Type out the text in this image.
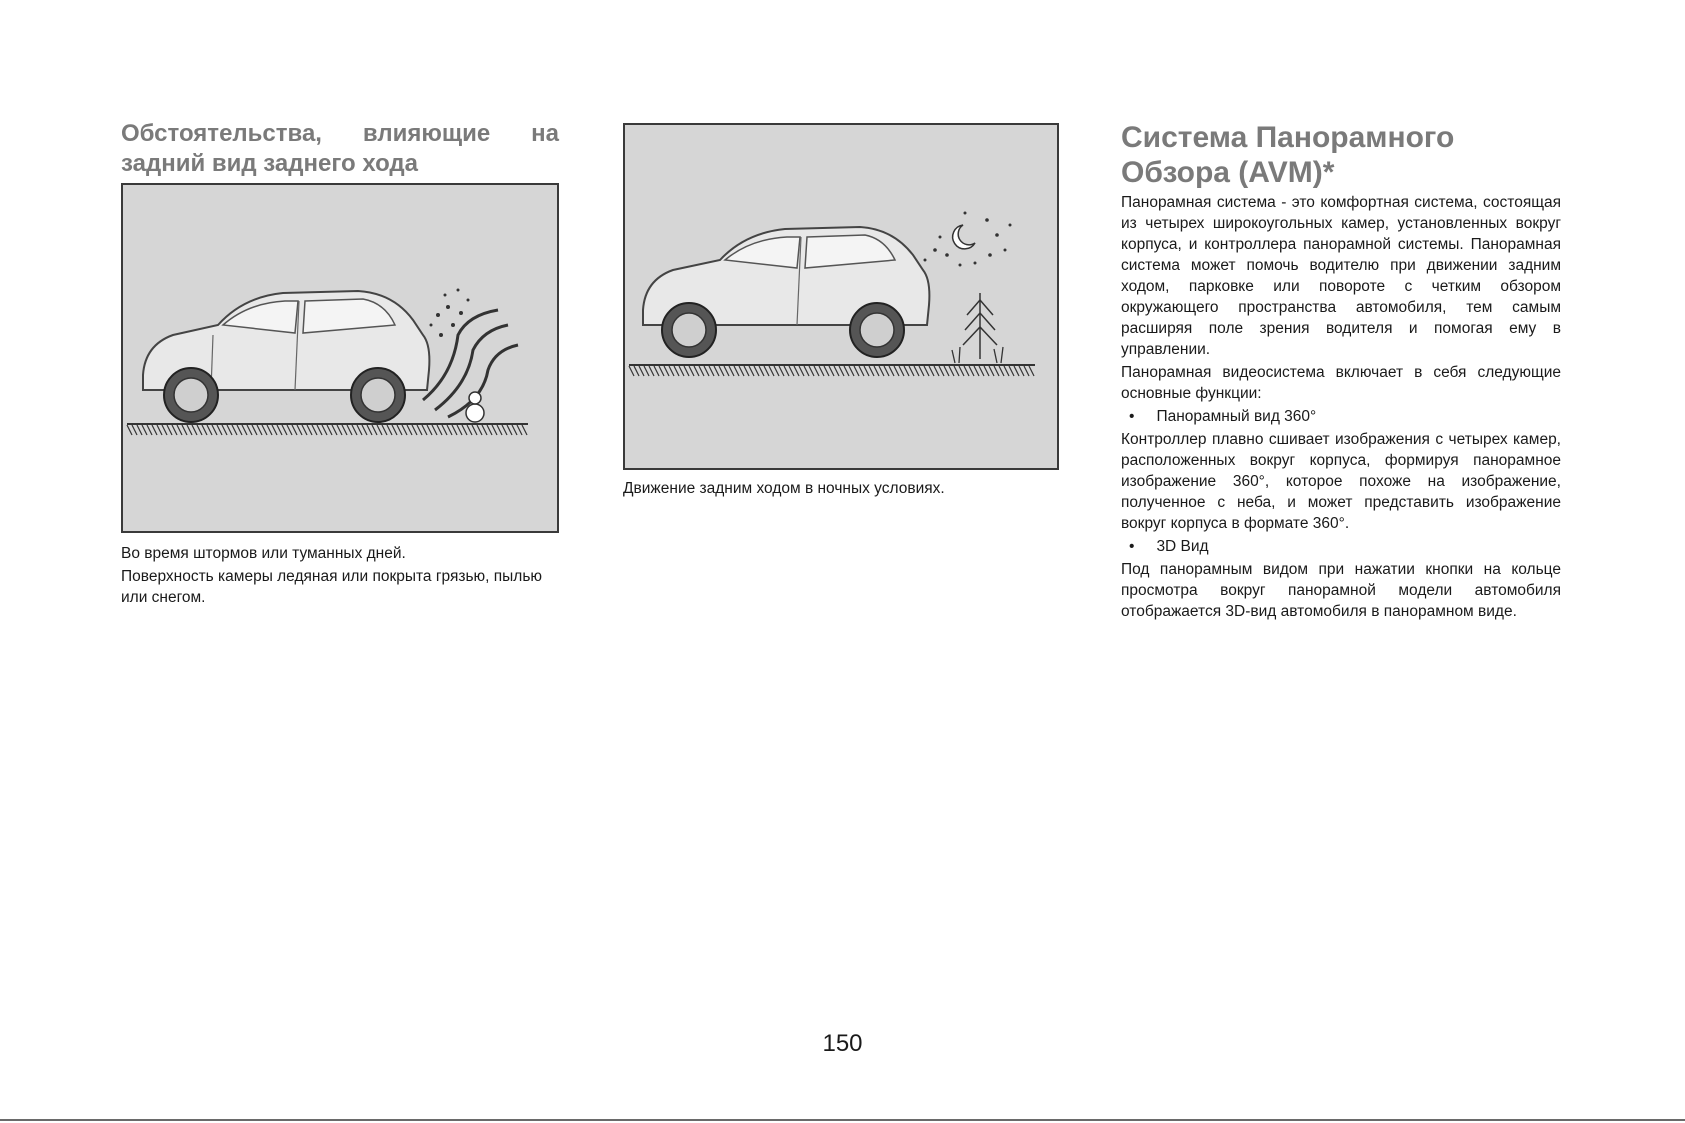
Обстоятельства, влияющие на
задний вид заднего хода

Во время штормов или туманных дней.

Поверхность камеры ледяная или покрыта грязью, пылью или снегом.

Движение задним ходом в ночных условиях.

Система Панорамного
Обзора (AVM)*

Панорамная система - это комфортная система, состоящая из четырех широкоугольных камер, установленных вокруг корпуса, и контроллера панорамной системы. Панорамная система может помочь водителю при движении задним ходом, парковке или повороте с четким обзором окружающего пространства автомобиля, тем самым расширяя поле зрения водителя и помогая ему в управлении.

Панорамная видеосистема включает в себя следующие основные функции:

• Панорамный вид 360°

Контроллер плавно сшивает изображения с четырех камер, расположенных вокруг корпуса, формируя панорамное изображение 360°, которое похоже на изображение, полученное с неба, и может представить изображение вокруг корпуса в формате 360°.

• 3D Вид

Под панорамным видом при нажатии кнопки на кольце просмотра вокруг панорамной модели автомобиля отображается 3D-вид автомобиля в панорамном виде.

150
